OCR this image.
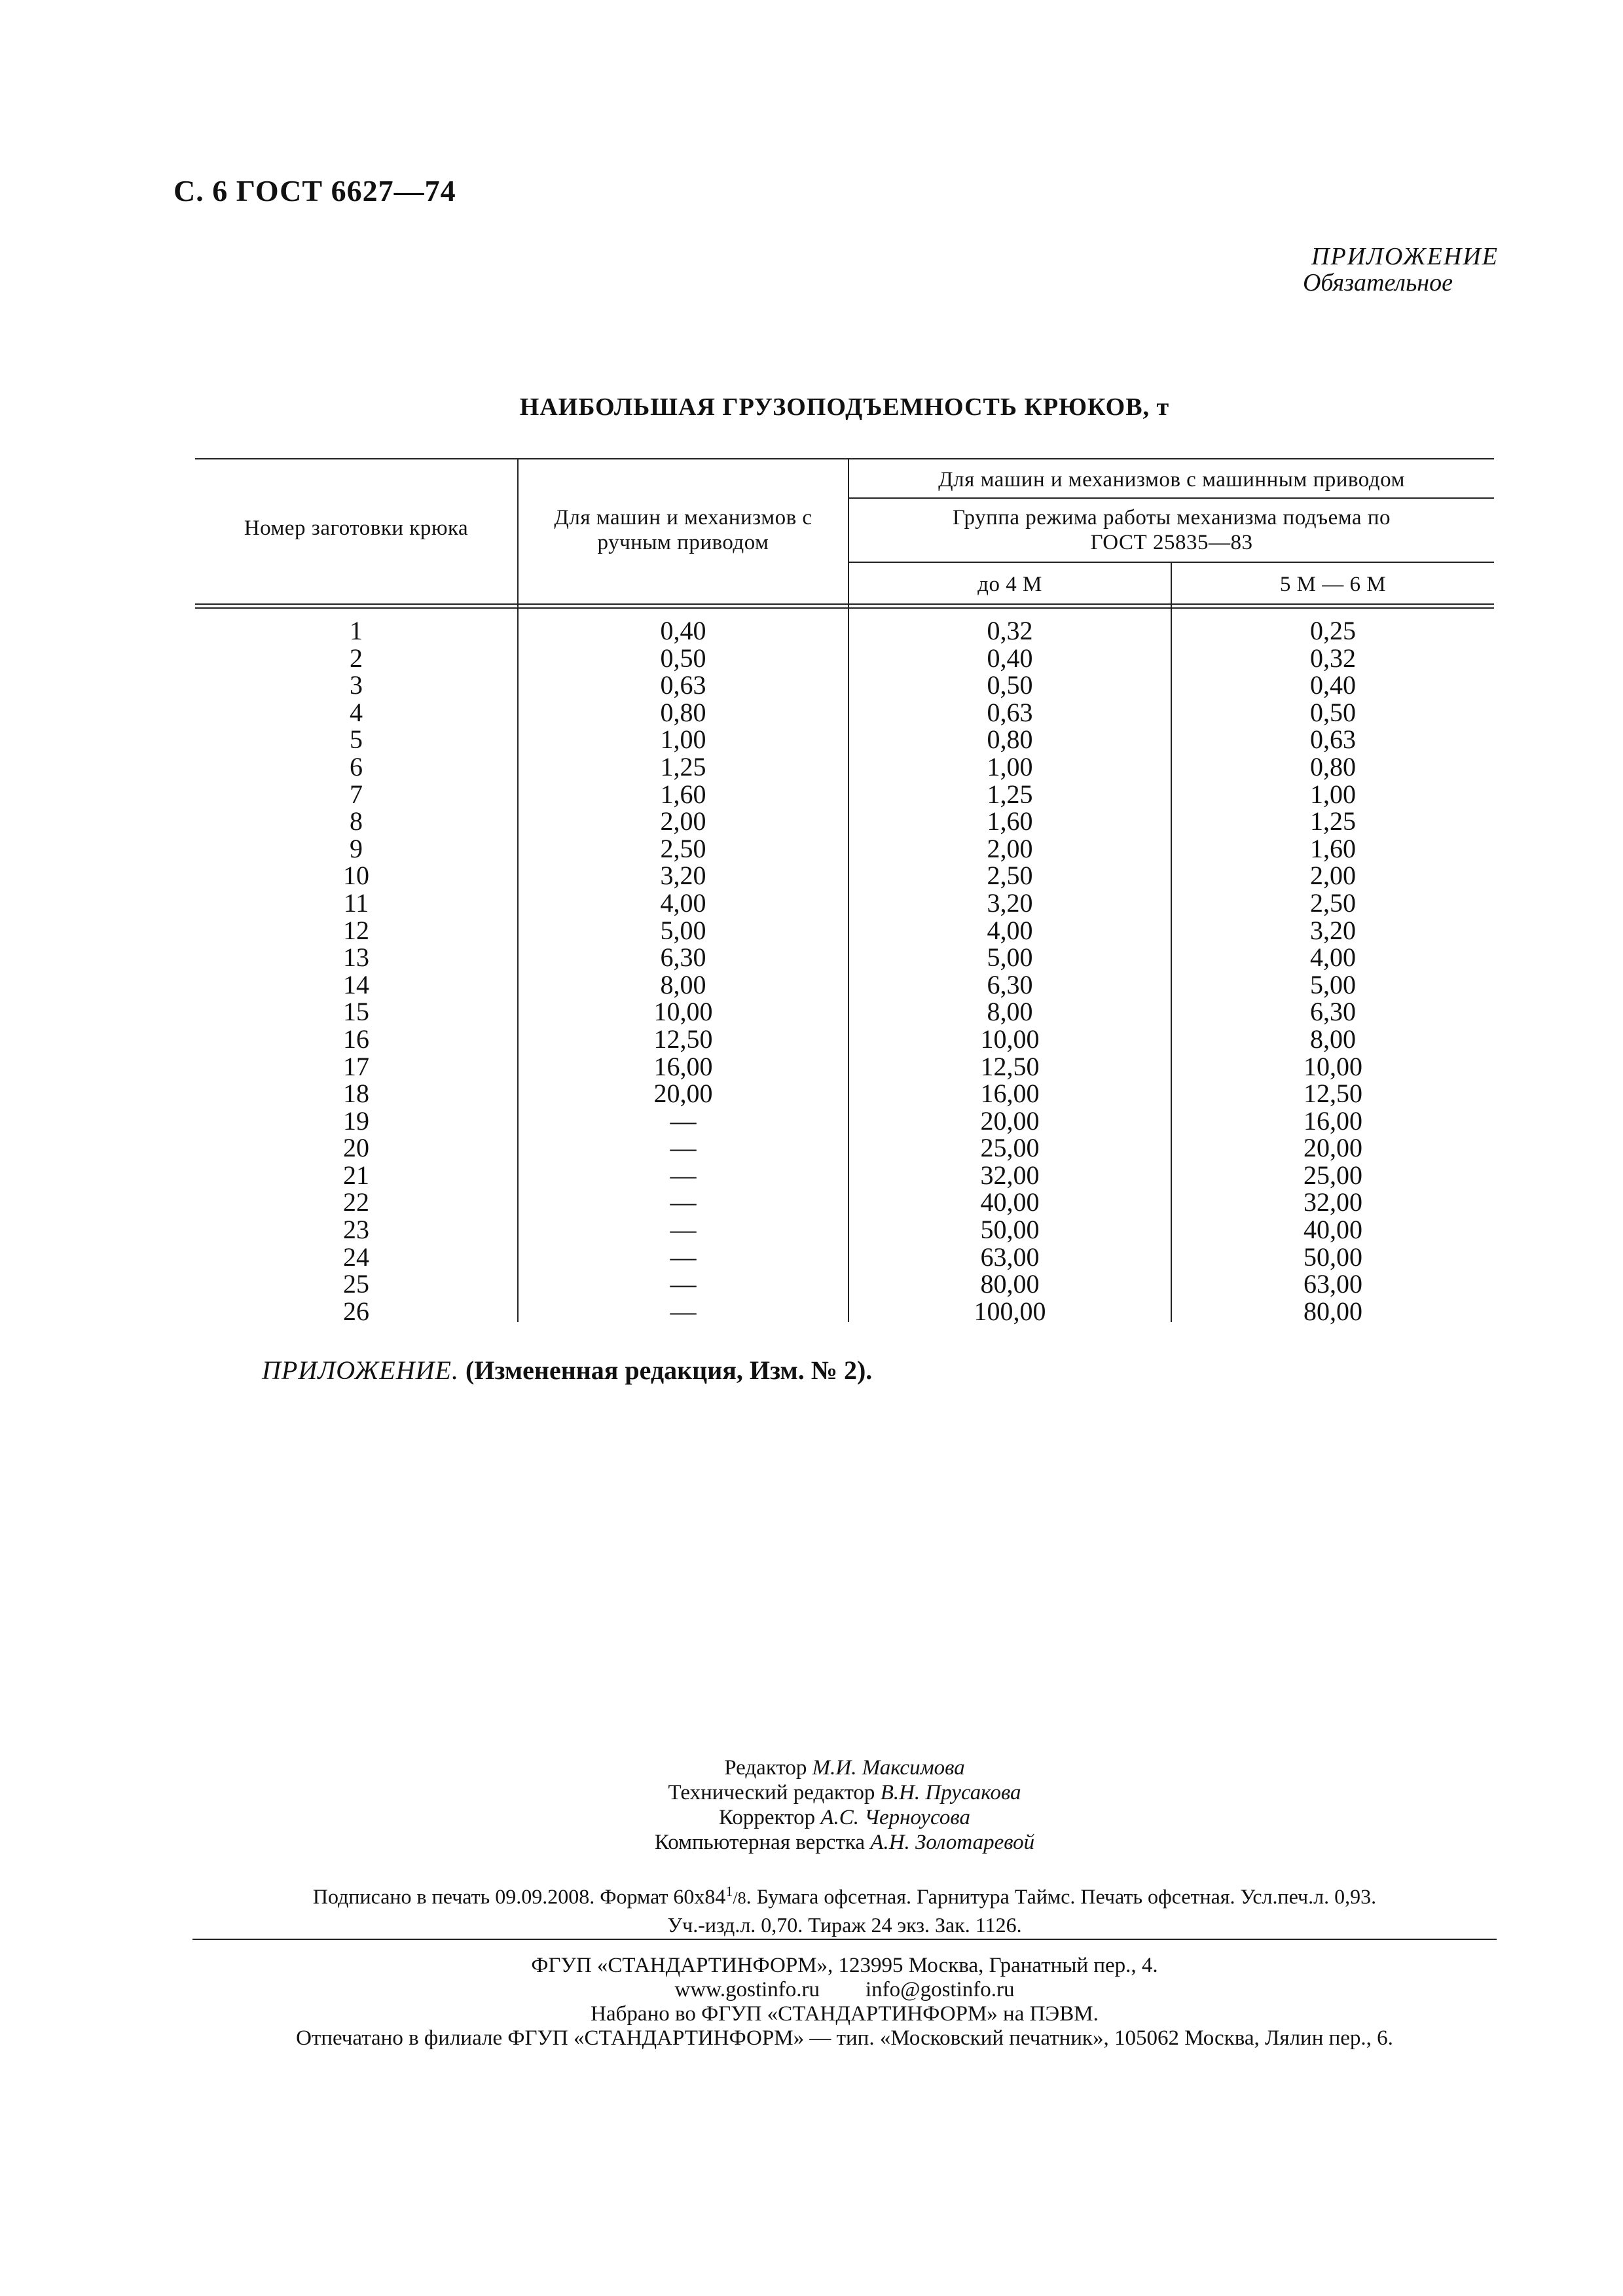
С. 6 ГОСТ 6627—74
ПРИЛОЖЕНИЕ
Обязательное
НАИБОЛЬШАЯ ГРУЗОПОДЪЕМНОСТЬ КРЮКОВ, т
Номер заготовки крюка	Для машин и механизмов с ручным приводом
Для машин и механизмов с машинным приводом
Группа режима работы механизма подъема по ГОСТ 25835—83
до 4 М	5 М — 6 М
1
2
3
4
5
6
7
8
9
10
11
12
13
14
15
16
17
18
19
20
21
22
23
24
25
26
0,40
0,50
0,63
0,80
1,00
1,25
1,60
2,00
2,50
3,20
4,00
5,00
6,30
8,00
10,00
12,50
16,00
20,00
—
—
—
—
—
—
—
—
0,32
0,40
0,50
0,63
0,80
1,00
1,25
1,60
2,00
2,50
3,20
4,00
5,00
6,30
8,00
10,00
12,50
16,00
20,00
25,00
32,00
40,00
50,00
63,00
80,00
100,00
0,25
0,32
0,40
0,50
0,63
0,80
1,00
1,25
1,60
2,00
2,50
3,20
4,00
5,00
6,30
8,00
10,00
12,50
16,00
20,00
25,00
32,00
40,00
50,00
63,00
80,00
ПРИЛОЖЕНИЕ. (Измененная редакция, Изм. № 2).
Редактор М.И. Максимова
Технический редактор В.Н. Прусакова
Корректор А.С. Черноусова
Компьютерная верстка А.Н. Золотаревой
Подписано в печать 09.09.2008. Формат $60x84^1/8$. Бумага офсетная. Гарнитура Таймс. Печать офсетная. Усл.печ.л. 0,93.
Уч.-изд.л. 0,70. Тираж 24 экз. Зак. 1126.
ФГУП «СТАНДАРТИНФОРМ», 123995 Москва, Гранатный пер., 4.
www.gostinfo.ru info@gostinfo.ru
Набрано во ФГУП «СТАНДАРТИНФОРМ» на ПЭВМ.
Отпечатано в филиале ФГУП «СТАНДАРТИНФОРМ» — тип. «Московский печатник», 105062 Москва, Лялин пер., 6.
